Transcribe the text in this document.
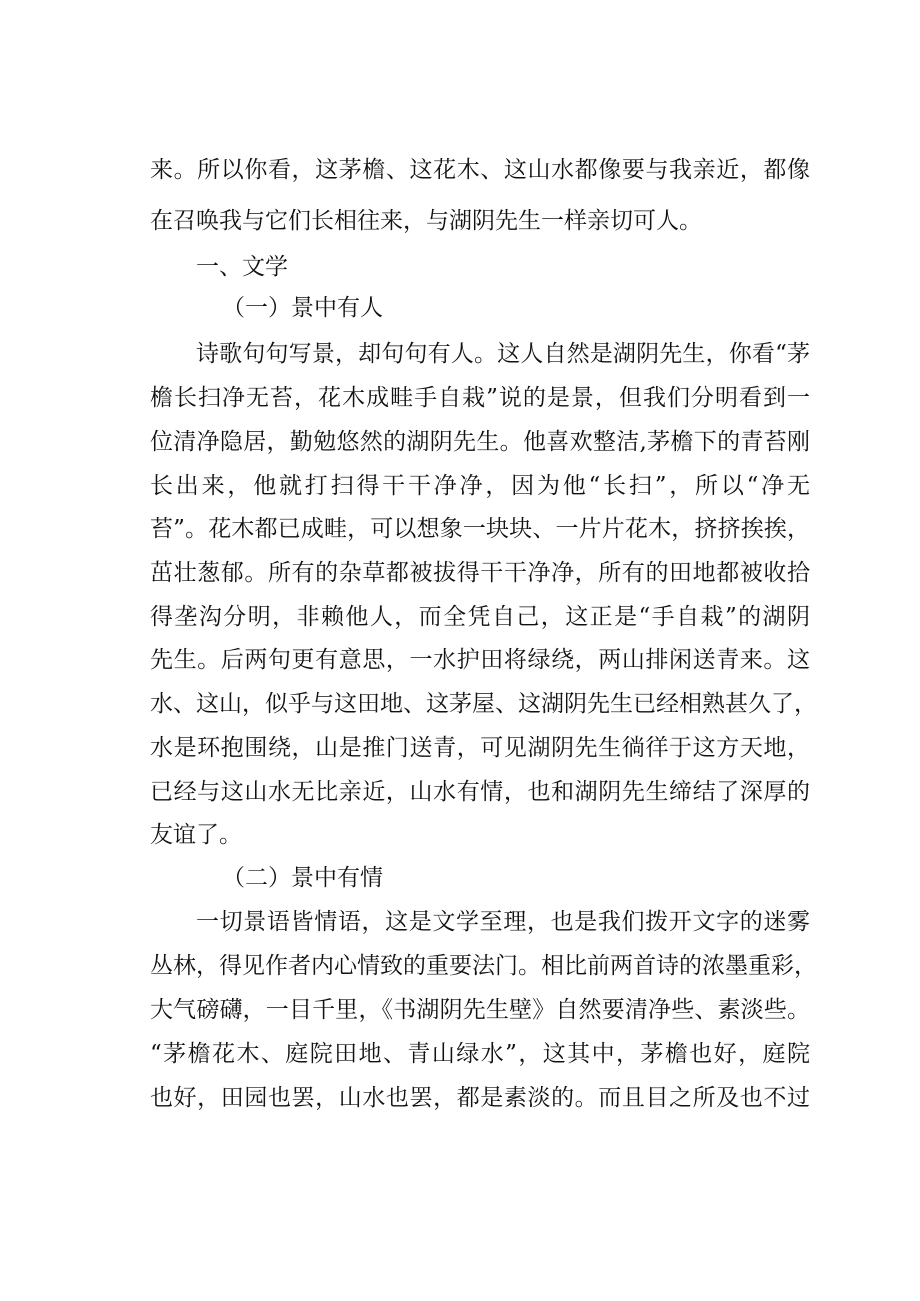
来。所以你看，这茅檐、这花木、这山水都像要与我亲近，都像

在召唤我与它们长相往来，与湖阴先生一样亲切可人。

一、文学

（一）景中有人

诗歌句句写景，却句句有人。这人自然是湖阴先生，你看“茅

檐长扫净无苔，花木成畦手自栽”说的是景，但我们分明看到一

位清净隐居，勤勉悠然的湖阴先生。他喜欢整洁,茅檐下的青苔刚

长出来，他就打扫得干干净净，因为他“长扫”，所以“净无

苔”。花木都已成畦，可以想象一块块、一片片花木，挤挤挨挨，

茁壮葱郁。所有的杂草都被拔得干干净净，所有的田地都被收拾

得垄沟分明，非赖他人，而全凭自己，这正是“手自栽”的湖阴

先生。后两句更有意思，一水护田将绿绕，两山排闲送青来。这

水、这山，似乎与这田地、这茅屋、这湖阴先生已经相熟甚久了，

水是环抱围绕，山是推门送青，可见湖阴先生徜徉于这方天地，

已经与这山水无比亲近，山水有情，也和湖阴先生缔结了深厚的

友谊了。

（二）景中有情

一切景语皆情语，这是文学至理，也是我们拨开文字的迷雾

丛林，得见作者内心情致的重要法门。相比前两首诗的浓墨重彩，

大气磅礴，一目千里，《书湖阴先生壁》自然要清净些、素淡些。

“茅檐花木、庭院田地、青山绿水”，这其中，茅檐也好，庭院

也好，田园也罢，山水也罢，都是素淡的。而且目之所及也不过
